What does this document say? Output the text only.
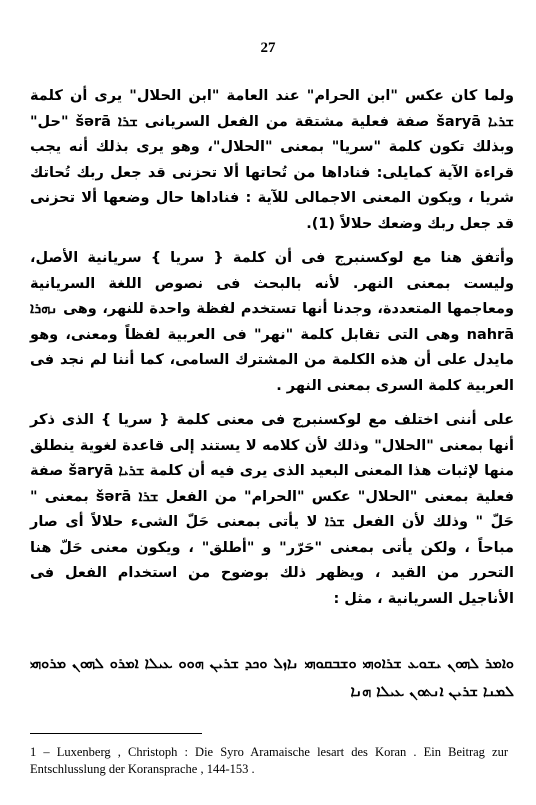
27

ولما كان عكس "ابن الحرام" عند العامة "ابن الحلال" يرى أن كلمة ܫܪܝܐ šaryā صفة فعلية مشتقة من الفعل السريانى ܫܪܐ šərā "حل" وبذلك تكون كلمة "سريا" بمعنى "الحلال"، وهو يرى بذلك أنه يجب قراءة الآية كمايلى: فناداها من تُحاتها ألا تحزنى قد جعل ربك تُحاتك شريا ، ويكون المعنى الاجمالى للآية : فناداها حال وضعها ألا تحزنى قد جعل ربك وضعك حلالاً (1).

وأتفق هنا مع لوكسنبرج فى أن كلمة { سريا } سريانية الأصل، وليست بمعنى النهر. لأنه بالبحث فى نصوص اللغة السريانية ومعاجمها المتعددة، وجدنا أنها تستخدم لفظة واحدة للنهر، وهى ܢܗܪܐ nahrā وهى التى تقابل كلمة "نهر" فى العربية لفظاً ومعنى، وهو مايدل على أن هذه الكلمة من المشترك السامى، كما أننا لم نجد فى العربية كلمة السرى بمعنى النهر .

على أننى اختلف مع لوكسنبرج فى معنى كلمة { سريا } الذى ذكر أنها بمعنى "الحلال" وذلك لأن كلامه لا يستند إلى قاعدة لغوية ينطلق منها لإثبات هذا المعنى البعيد الذى يرى فيه أن كلمة ܫܪܝܐ šaryā صفة فعلية بمعنى "الحلال" عكس "الحرام" من الفعل ܫܪܐ šərā بمعنى " حَلّ " وذلك لأن الفعل ܫܪܐ لا يأتى بمعنى حَلّ الشىء حلالاً أى صار مباحاً ، ولكن يأتى بمعنى "حَرّر" و "أطلق" ، ويكون معنى حَلّ هنا التحرر من القيد ، ويظهر ذلك بوضوح من استخدام الفعل فى الأناجيل السريانية ، مثل :

ܘܐܡܪ ܠܗܘܢ ܝܫܘܥ ܫܪܐܘܗܝ ܘܫܒܩܘܗܝ ܢܐܙܠ ܘܟܕ ܫܪܝܢ ܗܘܘ ܥܝܠܐ ܐܡܪܘ ܠܗܘܢ ܡܪܘܗܝ ܠܡܢܐ ܫܪܝܢ ܐܢܬܘܢ ܥܝܠܐ ܗܢܐ
1 – Luxenberg , Christoph : Die Syro Aramaische lesart des Koran . Ein Beitrag zur Entschlusslung der Koransprache , 144-153 .
